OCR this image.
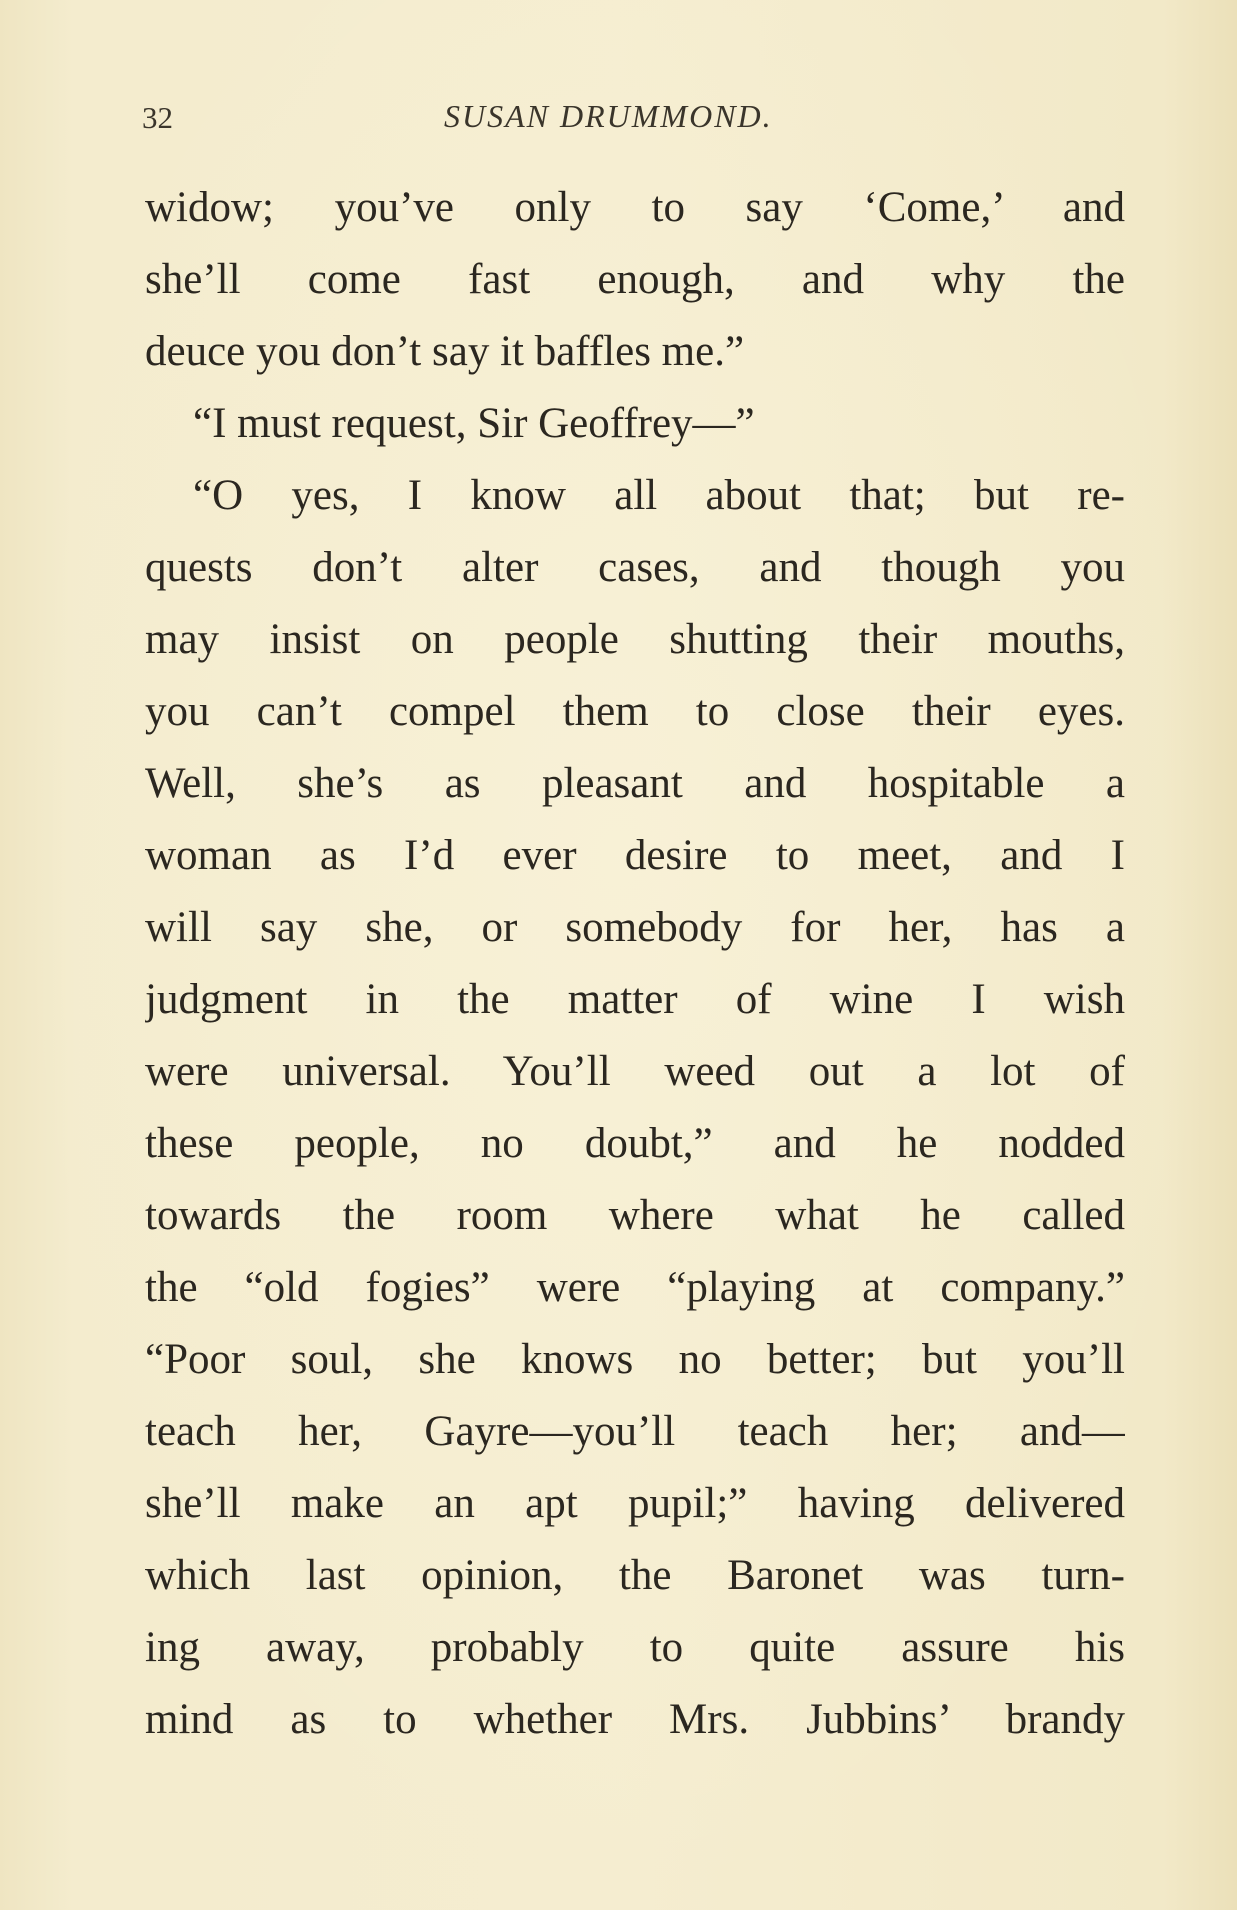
32	SUSAN DRUMMOND.
widow; you’ve only to say ‘Come,’ and
she’ll come fast enough, and why the
deuce you don’t say it baffles me.”
“I must request, Sir Geoffrey—”
“O yes, I know all about that; but re-
quests don’t alter cases, and though you
may insist on people shutting their mouths,
you can’t compel them to close their eyes.
Well, she’s as pleasant and hospitable a
woman as I’d ever desire to meet, and I
will say she, or somebody for her, has a
judgment in the matter of wine I wish
were universal. You’ll weed out a lot of
these people, no doubt,” and he nodded
towards the room where what he called
the “old fogies” were “playing at company.”
“Poor soul, she knows no better; but you’ll
teach her, Gayre—you’ll teach her; and—
she’ll make an apt pupil;” having delivered
which last opinion, the Baronet was turn-
ing away, probably to quite assure his
mind as to whether Mrs. Jubbins’ brandy
